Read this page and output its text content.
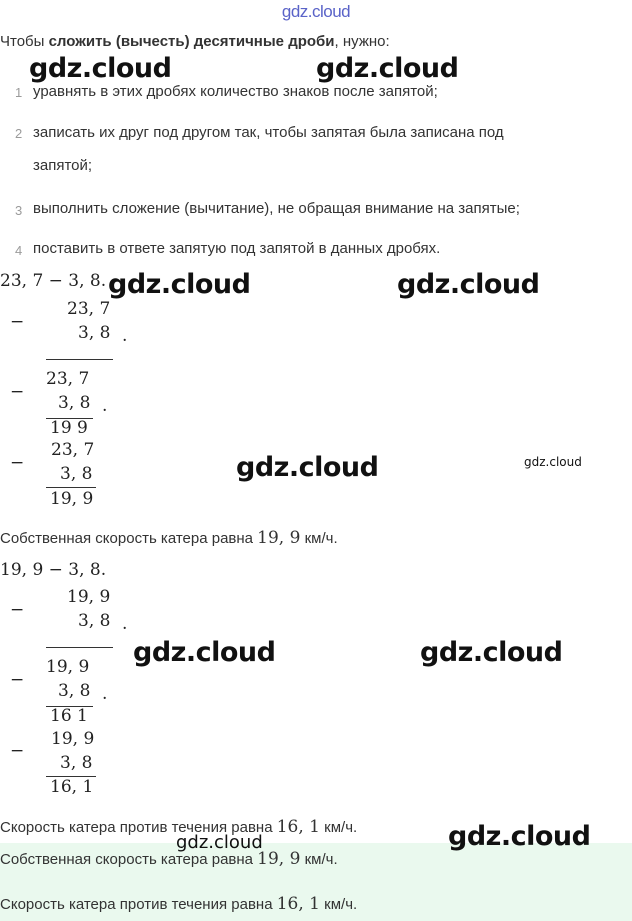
gdz.cloud
Чтобы сложить (вычесть) десятичные дроби, нужно:
1 уравнять в этих дробях количество знаков после запятой;
2 записать их друг под другом так, чтобы запятая была записана под
запятой;
3 выполнить сложение (вычитание), не обращая внимание на запятые;
4 поставить в ответе запятую под запятой в данных дробях.
23, 7 − 3, 8.
−
23, 7
3, 8 .
−
23, 7
3, 8 .
19 9
−
23, 7
3, 8
19, 9
Собственная скорость катера равна 19, 9 км/ч.
19, 9 − 3, 8.
−
19, 9
3, 8 .
−
19, 9
3, 8 .
16 1
−
19, 9
3, 8
16, 1
Скорость катера против течения равна 16, 1 км/ч.
Собственная скорость катера равна 19, 9 км/ч.
Скорость катера против течения равна 16, 1 км/ч.
gdz.cloud	gdz.cloud
gdz.cloud	gdz.cloud
gdz.cloud	gdz.cloud
gdz.cloud	gdz.cloud
gdz.cloud	gdz.cloud
